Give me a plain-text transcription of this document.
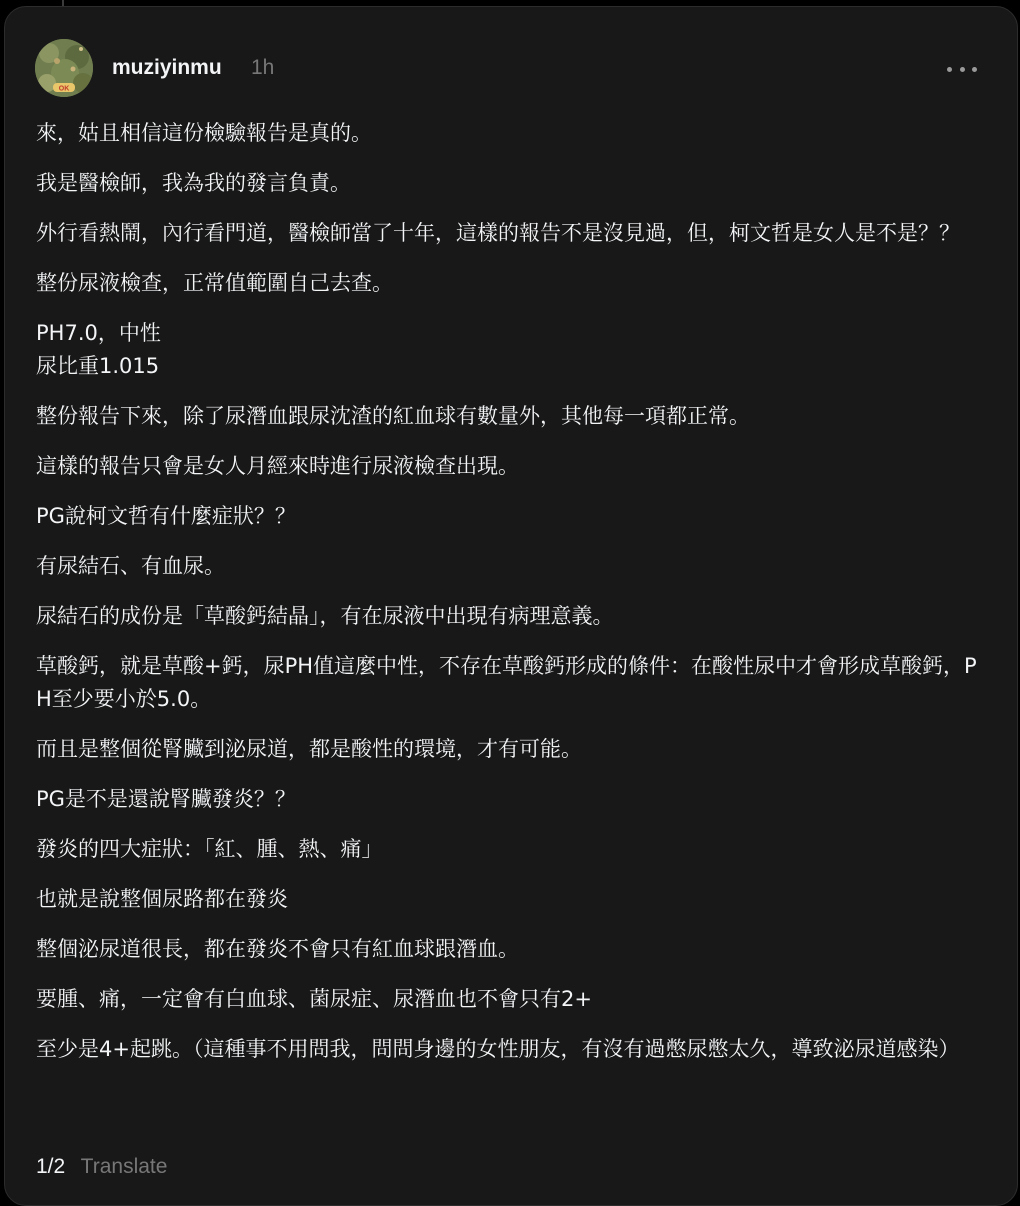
OK
muziyinmu 1h

來，姑且相信這份檢驗報告是真的。

我是醫檢師，我為我的發言負責。

外行看熱鬧，內行看門道，醫檢師當了十年，這樣的報告不是沒見過，但，柯文哲是女人是不是？？

整份尿液檢查，正常值範圍自己去查。

PH7.0，中性
尿比重1.015

整份報告下來，除了尿潛血跟尿沈渣的紅血球有數量外，其他每一項都正常。

這樣的報告只會是女人月經來時進行尿液檢查出現。

PG說柯文哲有什麼症狀？？

有尿結石、有血尿。

尿結石的成份是「草酸鈣結晶」，有在尿液中出現有病理意義。

草酸鈣，就是草酸+鈣，尿PH值這麼中性，不存在草酸鈣形成的條件：在酸性尿中才會形成草酸鈣，PH至少要小於5.0。

而且是整個從腎臟到泌尿道，都是酸性的環境，才有可能。

PG是不是還說腎臟發炎？？

發炎的四大症狀：「紅、腫、熱、痛」

也就是說整個尿路都在發炎

整個泌尿道很長，都在發炎不會只有紅血球跟潛血。

要腫、痛，一定會有白血球、菌尿症、尿潛血也不會只有2+

至少是4+起跳。（這種事不用問我，問問身邊的女性朋友，有沒有過憋尿憋太久，導致泌尿道感染）

1/2 Translate
